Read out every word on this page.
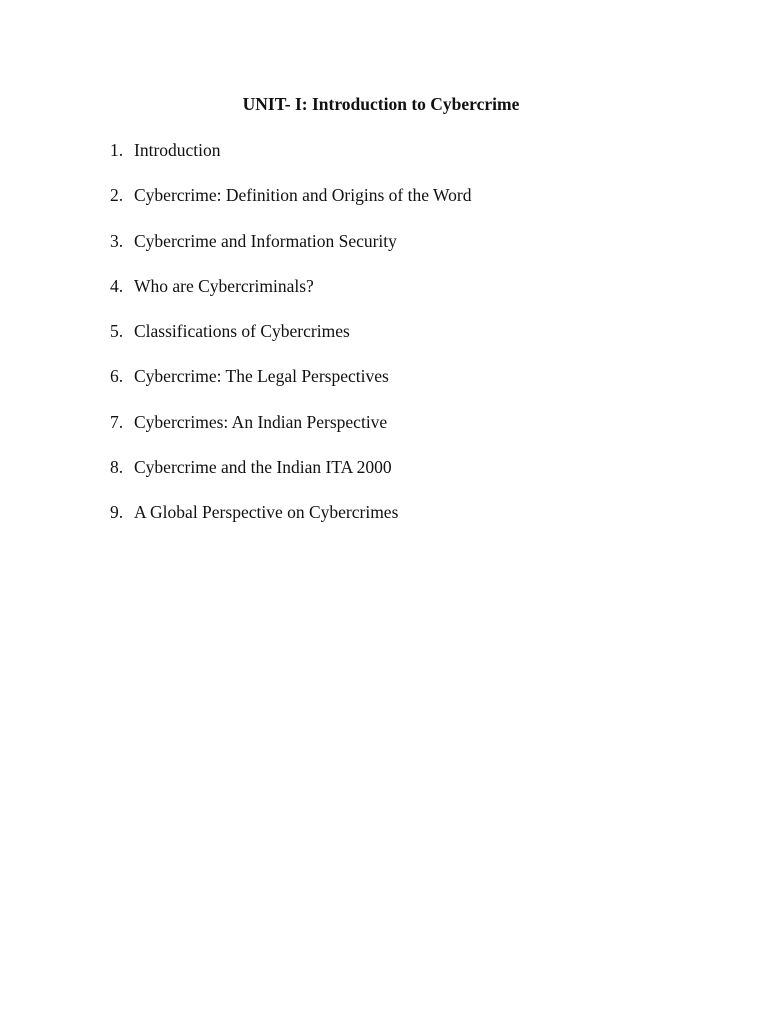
UNIT- I: Introduction to Cybercrime
1. Introduction
2. Cybercrime: Definition and Origins of the Word
3. Cybercrime and Information Security
4. Who are Cybercriminals?
5. Classifications of Cybercrimes
6. Cybercrime: The Legal Perspectives
7. Cybercrimes: An Indian Perspective
8. Cybercrime and the Indian ITA 2000
9. A Global Perspective on Cybercrimes
